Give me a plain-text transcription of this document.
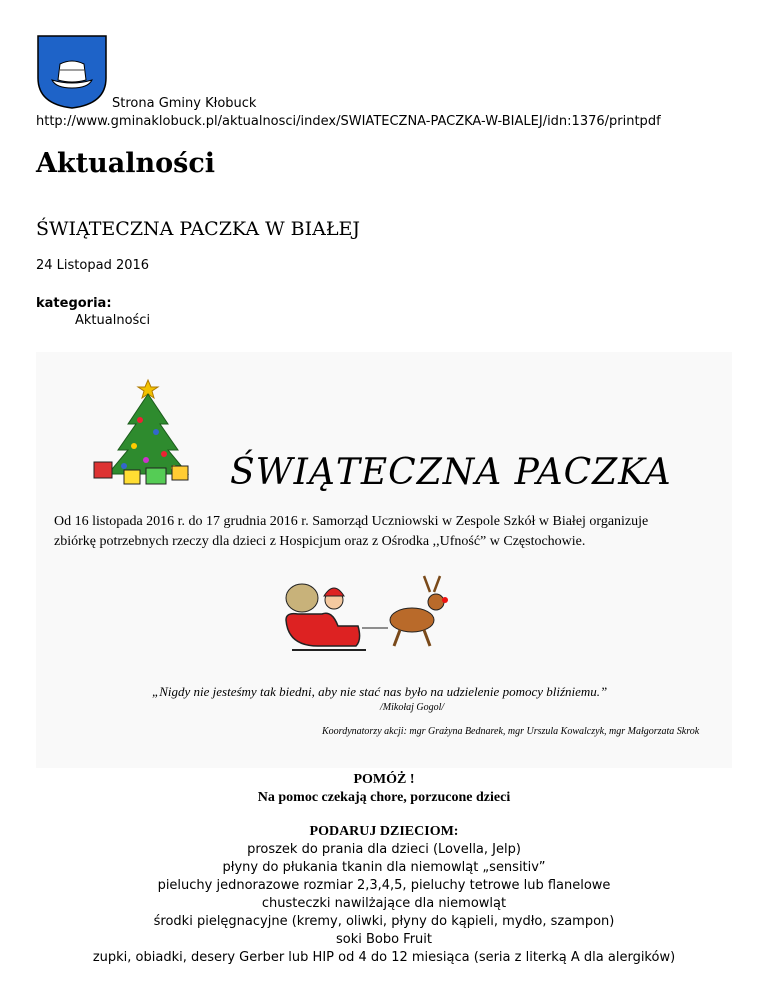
Strona Gminy Kłobuck
http://www.gminaklobuck.pl/aktualnosci/index/SWIATECZNA-PACZKA-W-BIALEJ/idn:1376/printpdf
Aktualności
ŚWIĄTECZNA PACZKA W BIAŁEJ
24 Listopad 2016
kategoria:
Aktualności
ŚWIĄTECZNA PACZKA
Od 16 listopada 2016 r. do 17 grudnia 2016 r. Samorząd Uczniowski w Zespole Szkół w Białej organizuje
zbiórkę potrzebnych rzeczy dla dzieci z Hospicjum oraz z Ośrodka ,,Ufność” w Częstochowie.
„Nigdy nie jesteśmy tak biedni, aby nie stać nas było na udzielenie pomocy bliźniemu.”
/Mikołaj Gogol/
Koordynatorzy akcji: mgr Grażyna Bednarek, mgr Urszula Kowalczyk, mgr Małgorzata Skrok
POMÓŻ !
Na pomoc czekają chore, porzucone dzieci
PODARUJ DZIECIOM:
proszek do prania dla dzieci (Lovella, Jelp)
płyny do płukania tkanin dla niemowląt „sensitiv”
pieluchy jednorazowe rozmiar 2,3,4,5, pieluchy tetrowe lub flanelowe
chusteczki nawilżające dla niemowląt
środki pielęgnacyjne (kremy, oliwki, płyny do kąpieli, mydło, szampon)
soki Bobo Fruit
zupki, obiadki, desery Gerber lub HIP od 4 do 12 miesiąca (seria z literką A dla alergików)
